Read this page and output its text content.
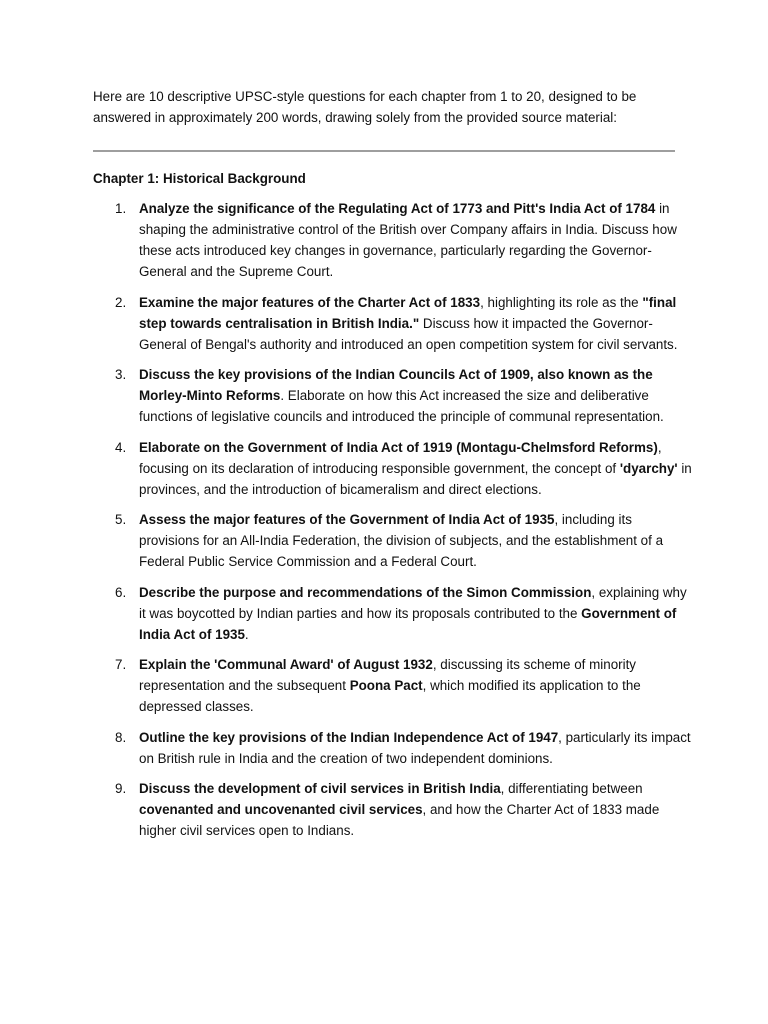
Here are 10 descriptive UPSC-style questions for each chapter from 1 to 20, designed to be answered in approximately 200 words, drawing solely from the provided source material:

Chapter 1: Historical Background

1. Analyze the significance of the Regulating Act of 1773 and Pitt's India Act of 1784 in shaping the administrative control of the British over Company affairs in India. Discuss how these acts introduced key changes in governance, particularly regarding the Governor-General and the Supreme Court.
2. Examine the major features of the Charter Act of 1833, highlighting its role as the "final step towards centralisation in British India." Discuss how it impacted the Governor-General of Bengal's authority and introduced an open competition system for civil servants.
3. Discuss the key provisions of the Indian Councils Act of 1909, also known as the Morley-Minto Reforms. Elaborate on how this Act increased the size and deliberative functions of legislative councils and introduced the principle of communal representation.
4. Elaborate on the Government of India Act of 1919 (Montagu-Chelmsford Reforms), focusing on its declaration of introducing responsible government, the concept of 'dyarchy' in provinces, and the introduction of bicameralism and direct elections.
5. Assess the major features of the Government of India Act of 1935, including its provisions for an All-India Federation, the division of subjects, and the establishment of a Federal Public Service Commission and a Federal Court.
6. Describe the purpose and recommendations of the Simon Commission, explaining why it was boycotted by Indian parties and how its proposals contributed to the Government of India Act of 1935.
7. Explain the 'Communal Award' of August 1932, discussing its scheme of minority representation and the subsequent Poona Pact, which modified its application to the depressed classes.
8. Outline the key provisions of the Indian Independence Act of 1947, particularly its impact on British rule in India and the creation of two independent dominions.
9. Discuss the development of civil services in British India, differentiating between covenanted and uncovenanted civil services, and how the Charter Act of 1833 made higher civil services open to Indians.
